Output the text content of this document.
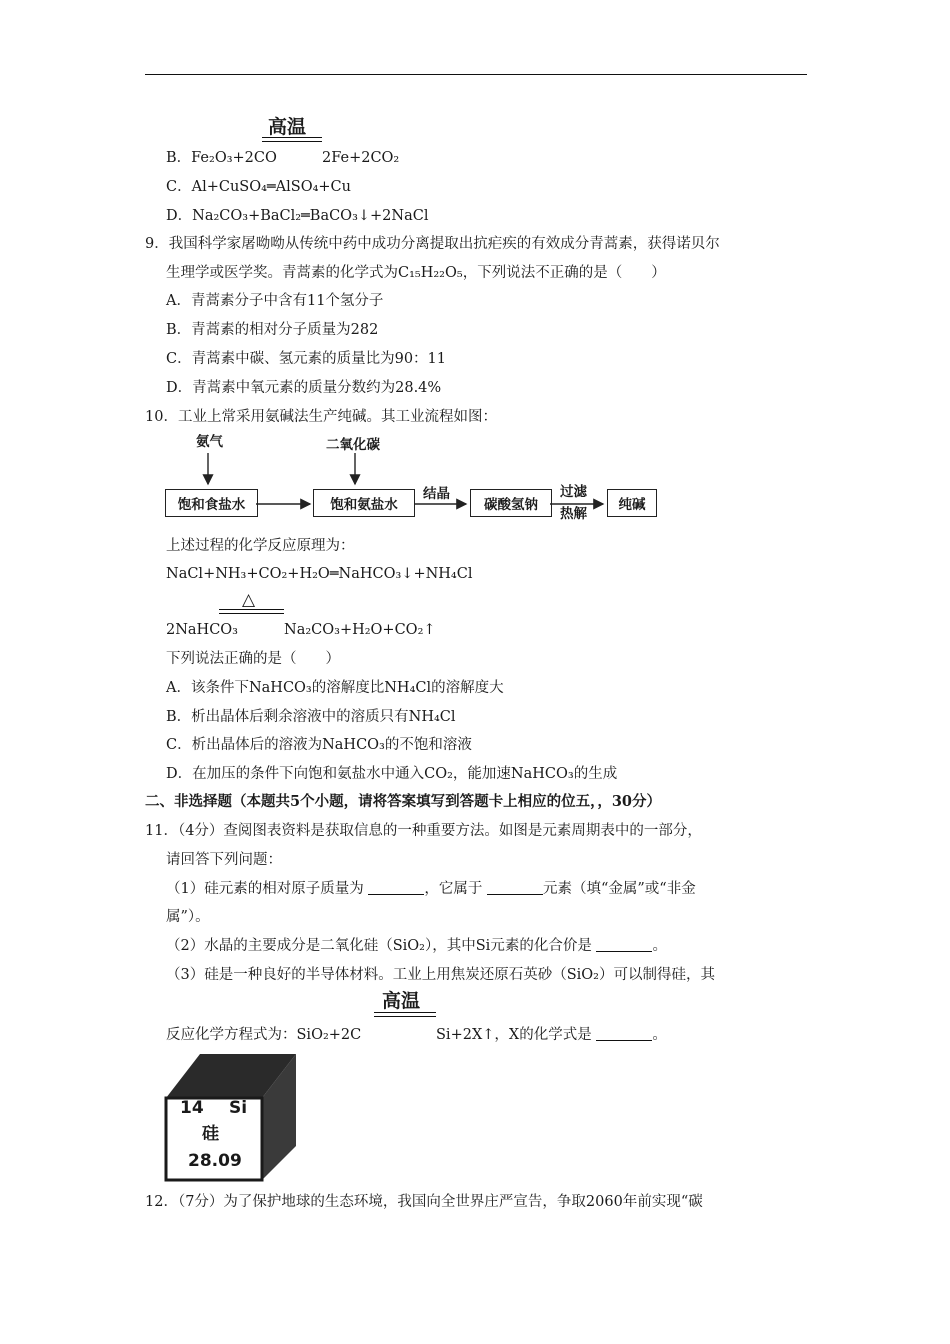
高温
B．Fe₂O₃+2CO	2Fe+2CO₂
C．Al+CuSO₄═AlSO₄+Cu
D．Na₂CO₃+BaCl₂═BaCO₃↓+2NaCl
9．我国科学家屠呦呦从传统中药中成功分离提取出抗疟疾的有效成分青蒿素，获得诺贝尔
生理学或医学奖。青蒿素的化学式为C₁₅H₂₂O₅，下列说法不正确的是（　　）
A．青蒿素分子中含有11个氢分子
B．青蒿素的相对分子质量为282
C．青蒿素中碳、氢元素的质量比为90：11
D．青蒿素中氧元素的质量分数约为28.4%
10．工业上常采用氨碱法生产纯碱。其工业流程如图：
氨气	二氧化碳
饱和食盐水	饱和氨盐水
结晶
碳酸氢钠
过滤
热解
纯碱
上述过程的化学反应原理为：
NaCl+NH₃+CO₂+H₂O═NaHCO₃↓+NH₄Cl
△
2NaHCO₃	Na₂CO₃+H₂O+CO₂↑
下列说法正确的是（　　）
A．该条件下NaHCO₃的溶解度比NH₄Cl的溶解度大
B．析出晶体后剩余溶液中的溶质只有NH₄Cl
C．析出晶体后的溶液为NaHCO₃的不饱和溶液
D．在加压的条件下向饱和氨盐水中通入CO₂，能加速NaHCO₃的生成
二、非选择题（本题共5个小题，请将答案填写到答题卡上相应的位五，，30分）
11．（4分）查阅图表资料是获取信息的一种重要方法。如图是元素周期表中的一部分，
请回答下列问题：
（1）硅元素的相对原子质量为	，它属于	元素（填“金属”或“非金
属”）。
（2）水晶的主要成分是二氧化硅（SiO₂），其中Si元素的化合价是	。
（3）硅是一种良好的半导体材料。工业上用焦炭还原石英砂（SiO₂）可以制得硅，其
高温
反应化学方程式为：SiO₂+2C	Si+2X↑，X的化学式是	。
14 Si
硅
28.09
12．（7分）为了保护地球的生态环境，我国向全世界庄严宣告，争取2060年前实现“碳
